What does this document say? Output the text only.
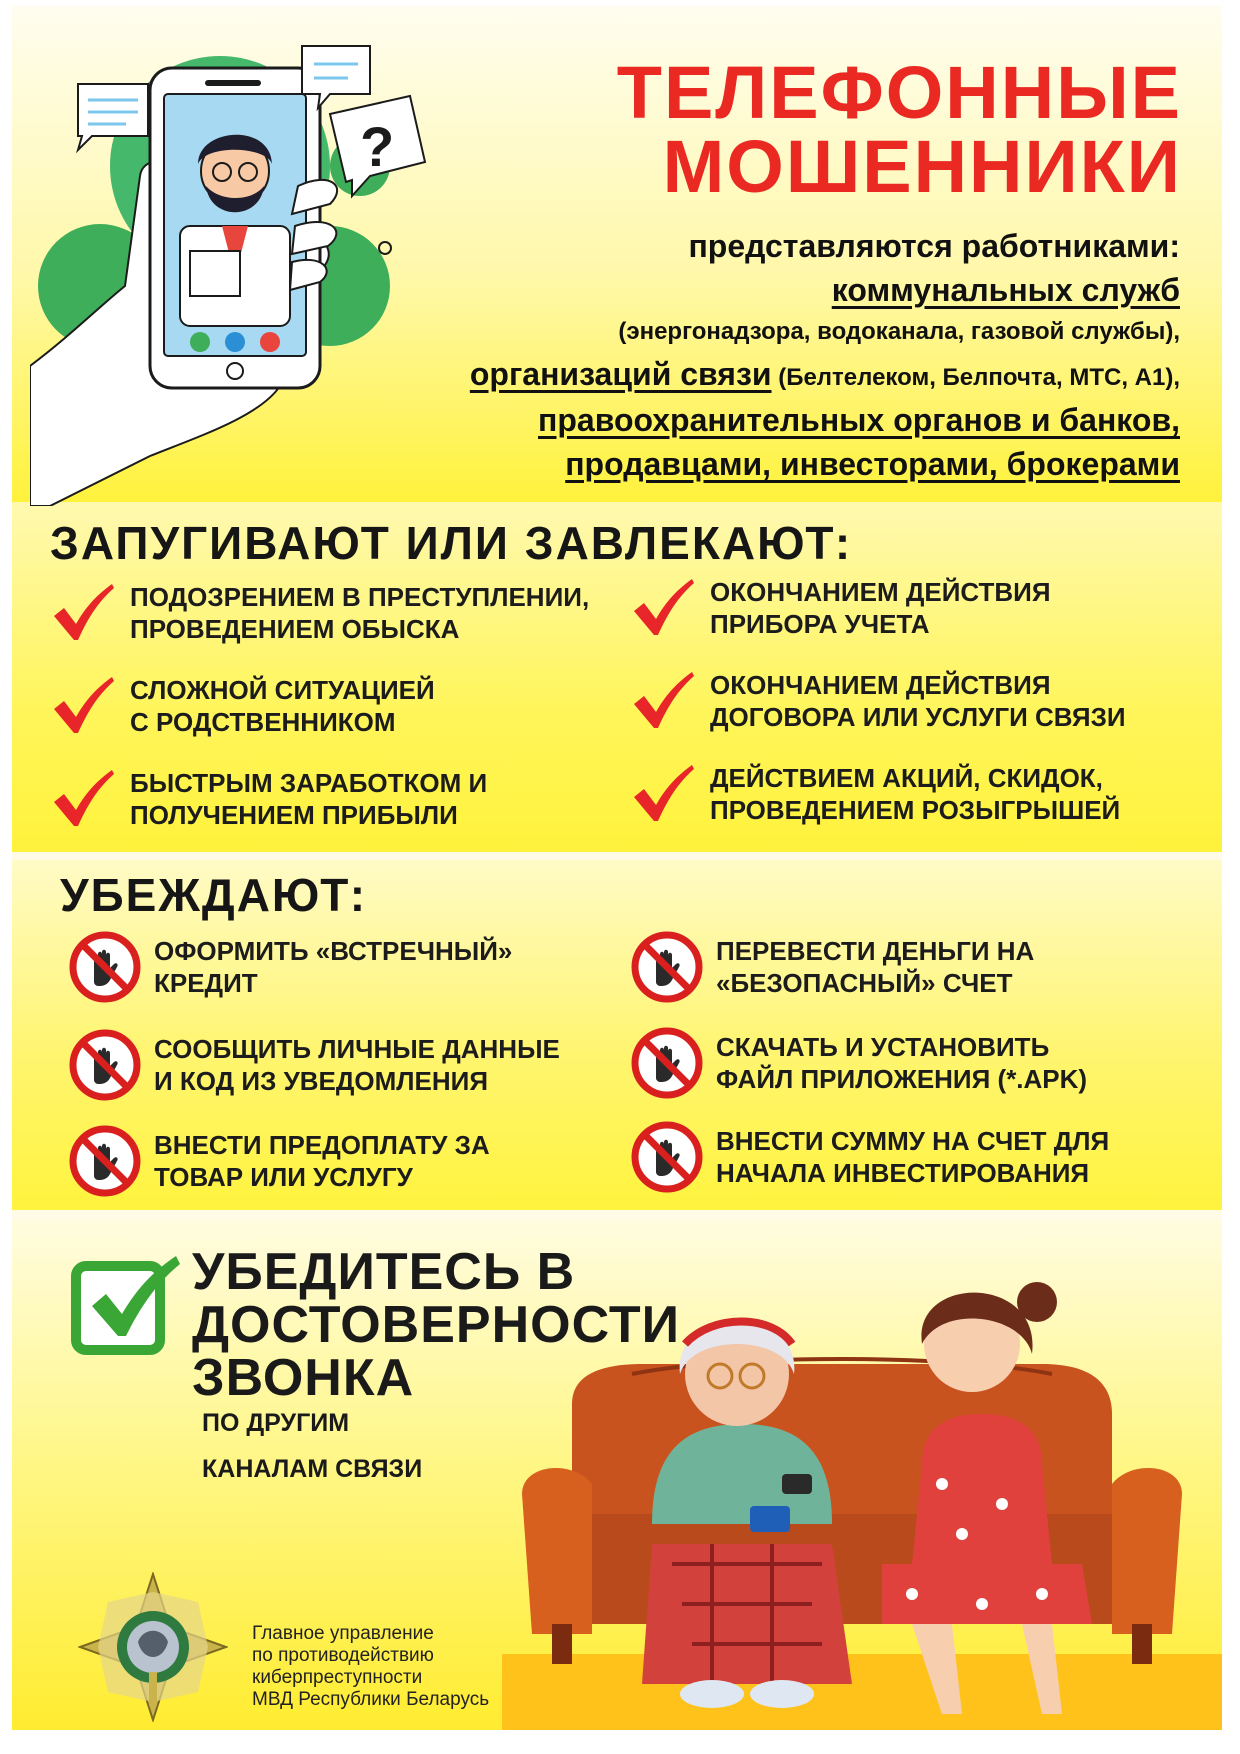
?
ТЕЛЕФОННЫЕ
МОШЕННИКИ
представляются работниками:
коммунальных служб
(энергонадзора, водоканала, газовой службы),
организаций связи (Белтелеком, Белпочта, МТС, А1),
правоохранительных органов и банков,
продавцами, инвесторами, брокерами
ЗАПУГИВАЮТ ИЛИ ЗАВЛЕКАЮТ:
ПОДОЗРЕНИЕМ В ПРЕСТУПЛЕНИИ,
ПРОВЕДЕНИЕМ ОБЫСКА
СЛОЖНОЙ СИТУАЦИЕЙ
С РОДСТВЕННИКОМ
БЫСТРЫМ ЗАРАБОТКОМ И
ПОЛУЧЕНИЕМ ПРИБЫЛИ
ОКОНЧАНИЕМ ДЕЙСТВИЯ
ПРИБОРА УЧЕТА
ОКОНЧАНИЕМ ДЕЙСТВИЯ
ДОГОВОРА ИЛИ УСЛУГИ СВЯЗИ
ДЕЙСТВИЕМ АКЦИЙ, СКИДОК,
ПРОВЕДЕНИЕМ РОЗЫГРЫШЕЙ
УБЕЖДАЮТ:
ОФОРМИТЬ «ВСТРЕЧНЫЙ»
КРЕДИТ
СООБЩИТЬ ЛИЧНЫЕ ДАННЫЕ
И КОД ИЗ УВЕДОМЛЕНИЯ
ВНЕСТИ ПРЕДОПЛАТУ ЗА
ТОВАР ИЛИ УСЛУГУ
ПЕРЕВЕСТИ ДЕНЬГИ НА
«БЕЗОПАСНЫЙ» СЧЕТ
СКАЧАТЬ И УСТАНОВИТЬ
ФАЙЛ ПРИЛОЖЕНИЯ (*.APK)
ВНЕСТИ СУММУ НА СЧЕТ ДЛЯ
НАЧАЛА ИНВЕСТИРОВАНИЯ
УБЕДИТЕСЬ В
ДОСТОВЕРНОСТИ
ЗВОНКА
ПО ДРУГИМ
КАНАЛАМ СВЯЗИ
Главное управление
по противодействию
киберпреступности
МВД Республики Беларусь
